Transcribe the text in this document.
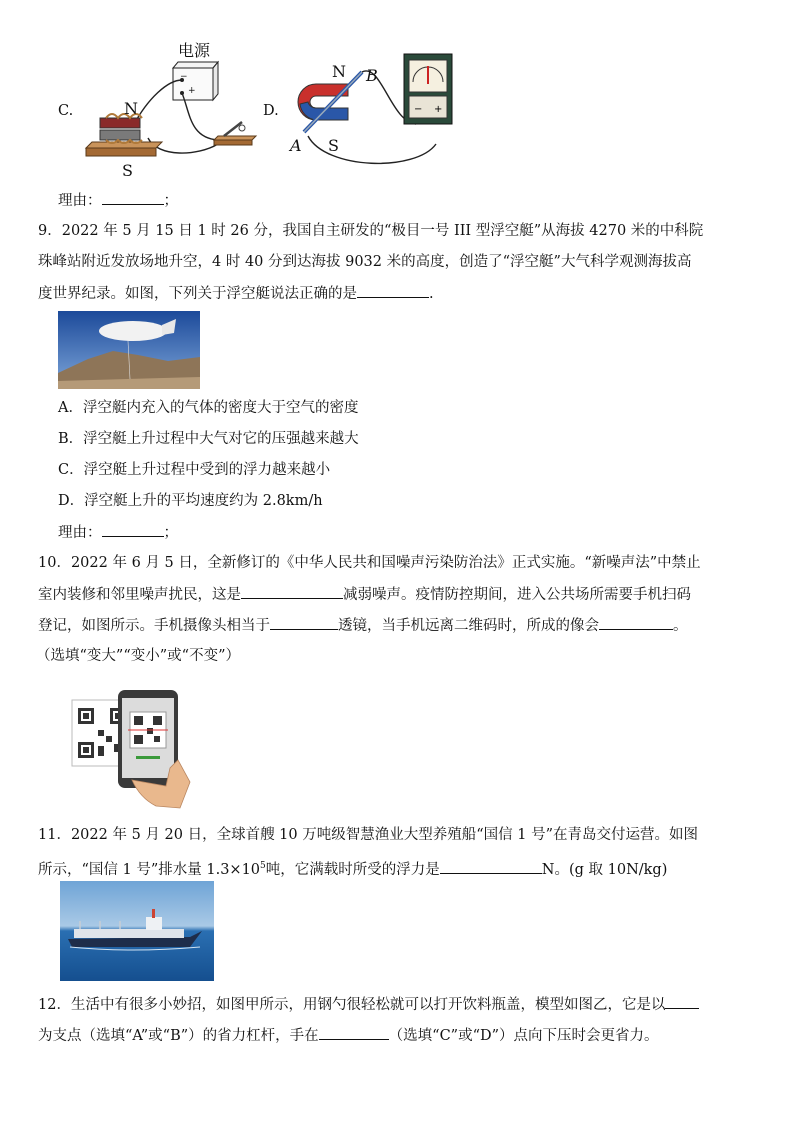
C.
电源
−
+
N
S
D.	− +
N B
A S
理由：	；
9．2022 年 5 月 15 日 1 时 26 分，我国自主研发的“极目一号 III 型浮空艇”从海拔 4270 米的中科院
珠峰站附近发放场地升空，4 时 40 分到达海拔 9032 米的高度，创造了“浮空艇”大气科学观测海拔高
度世界纪录。如图，下列关于浮空艇说法正确的是	.
A．浮空艇内充入的气体的密度大于空气的密度
B．浮空艇上升过程中大气对它的压强越来越大
C．浮空艇上升过程中受到的浮力越来越小
D．浮空艇上升的平均速度约为 2.8km/h
理由：	；
10．2022 年 6 月 5 日，全新修订的《中华人民共和国噪声污染防治法》正式实施。“新噪声法”中禁止
室内装修和邻里噪声扰民，这是	减弱噪声。疫情防控期间，进入公共场所需要手机扫码
登记，如图所示。手机摄像头相当于	透镜，当手机远离二维码时，所成的像会	。
（选填“变大”“变小”或“不变”）
11．2022 年 5 月 20 日，全球首艘 10 万吨级智慧渔业大型养殖船“国信 1 号”在青岛交付运营。如图
所示，“国信 1 号”排水量 $1.3\times 10^5$吨，它满载时所受的浮力是	N。(g 取 10N/kg)
12．生活中有很多小妙招，如图甲所示，用钢勺很轻松就可以打开饮料瓶盖，模型如图乙，它是以
为支点（选填“A”或“B”）的省力杠杆，手在	（选填“C”或“D”）点向下压时会更省力。
